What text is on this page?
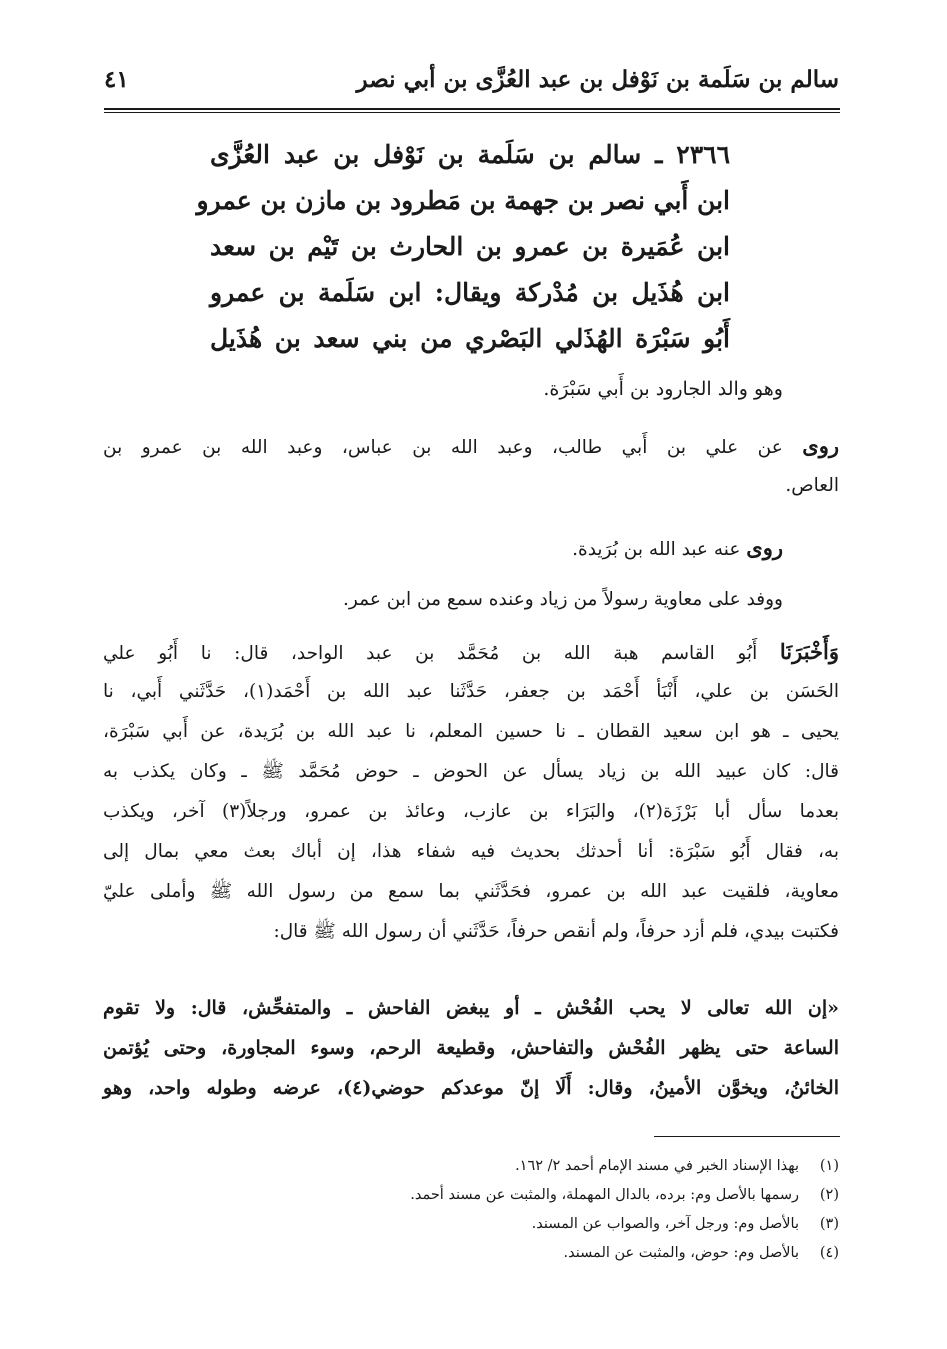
سالم بن سَلَمة بن نَوْفل بن عبد العُزَّى بن أبي نصر
٤١
٢٣٦٦ ـ سالم بن سَلَمة بن نَوْفل بن عبد العُزَّى
ابن أَبي نصر بن جهمة بن مَطرود بن مازن بن عمرو
ابن عُمَيرة بن عمرو بن الحارث بن تَيْم بن سعد
ابن هُذَيل بن مُدْركة ويقال: ابن سَلَمة بن عمرو
أَبُو سَبْرَة الهُذَلي البَصْري من بني سعد بن هُذَيل

وهو والد الجارود بن أَبي سَبْرَة.

روى عن علي بن أَبي طالب، وعبد الله بن عباس، وعبد الله بن عمرو بن
العاص.
روى عنه عبد الله بن بُرَيدة.
ووفد على معاوية رسولاً من زياد وعنده سمع من ابن عمر.
وَأَخْبَرَنَا أَبُو القاسم هبة الله بن مُحَمَّد بن عبد الواحد، قال: نا أَبُو علي
الحَسَن بن علي، أَنْبَأ أَحْمَد بن جعفر، حَدَّثَنا عبد الله بن أَحْمَد(١)، حَدَّثَني أَبي، نا
يحيى ـ هو ابن سعيد القطان ـ نا حسين المعلم، نا عبد الله بن بُرَيدة، عن أَبي سَبْرَة،
قال: كان عبيد الله بن زياد يسأل عن الحوض ـ حوض مُحَمَّد ﷺ ـ وكان يكذب به
بعدما سأل أبا بَرْزَة(٢)، والبَرَاء بن عازب، وعائذ بن عمرو، ورجلاً(٣) آخر، ويكذب
به، فقال أَبُو سَبْرَة: أنا أحدثك بحديث فيه شفاء هذا، إن أباك بعث معي بمال إلى
معاوية، فلقيت عبد الله بن عمرو، فحَدَّثَني بما سمع من رسول الله ﷺ وأملى عليّ
فكتبت بيدي، فلم أزد حرفاً، ولم أنقص حرفاً، حَدَّثَني أن رسول الله ﷺ قال:
«إن الله تعالى لا يحب الفُحْش ـ أو يبغض الفاحش ـ والمتفحِّش، قال: ولا تقوم
الساعة حتى يظهر الفُحْش والتفاحش، وقطيعة الرحم، وسوء المجاورة، وحتى يُؤتمن
الخائنُ، ويخوَّن الأمينُ، وقال: أَلَا إنّ موعدكم حوضي(٤)، عرضه وطوله واحد، وهو
(١)بهذا الإسناد الخبر في مسند الإمام أحمد ٢/ ١٦٢.
(٢)رسمها بالأصل وم: برده، بالدال المهملة، والمثبت عن مسند أحمد.
(٣)بالأصل وم: ورجل آخر، والصواب عن المسند.
(٤)بالأصل وم: حوض، والمثبت عن المسند.
